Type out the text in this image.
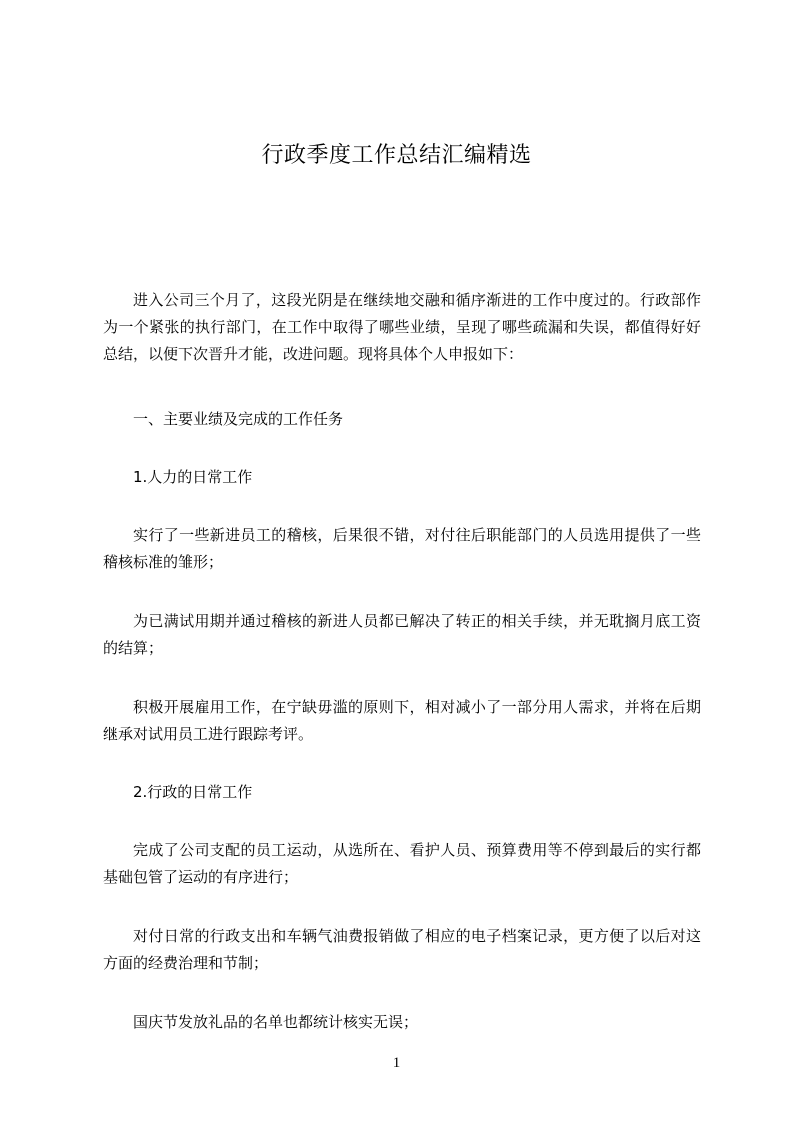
行政季度工作总结汇编精选

进入公司三个月了，这段光阴是在继续地交融和循序渐进的工作中度过的。行政部作为一个紧张的执行部门，在工作中取得了哪些业绩，呈现了哪些疏漏和失误，都值得好好总结，以便下次晋升才能，改进问题。现将具体个人申报如下：

一、主要业绩及完成的工作任务

1.人力的日常工作

实行了一些新进员工的稽核，后果很不错，对付往后职能部门的人员选用提供了一些稽核标准的雏形；

为已满试用期并通过稽核的新进人员都已解决了转正的相关手续，并无耽搁月底工资的结算；

积极开展雇用工作，在宁缺毋滥的原则下，相对减小了一部分用人需求，并将在后期继承对试用员工进行跟踪考评。

2.行政的日常工作

完成了公司支配的员工运动，从选所在、看护人员、预算费用等不停到最后的实行都基础包管了运动的有序进行；

对付日常的行政支出和车辆气油费报销做了相应的电子档案记录，更方便了以后对这方面的经费治理和节制；

国庆节发放礼品的名单也都统计核实无误；

1
